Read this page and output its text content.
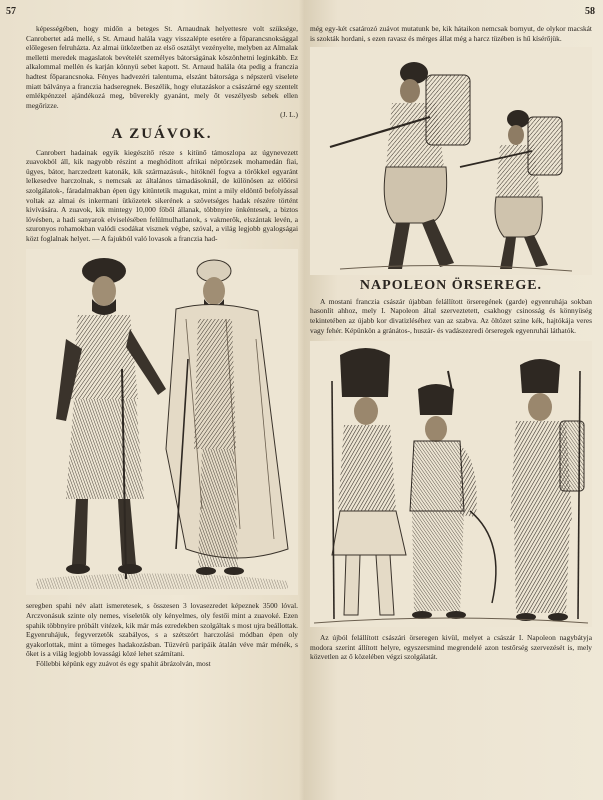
57	58

képességében, hogy midőn a beteges St. Arnaudnak helyettesre volt szüksége, Canrobertet adá mellé, s St. Arnaud halála vagy visszalépte esetére a főparancsnoksággal előlegesen felruházta. Az almai ütközetben az első osztályt vezényelte, melyben az Almalak melletti meredek magaslatok bevételét személyes bátorságának köszönhetni leginkább. Ez alkalommal mellén és karján könnyü sebet kapott. St. Arnaud halála óta pedig a franczia hadtest főparancsnoka. Fényes hadvezéri talentuma, elszánt bátorsága s népszerü viselete miatt bálványa a franczia hadseregnek. Beszélik, hogy elutazáskor a császárné egy szentelt emlékpénzzel ajándékozá meg, bűverekly gyanánt, mely őt veszélyesb sebek ellen megőrizze.

(J. L.)

A ZUÁVOK.

Canrobert hadainak egyik kiegészítő része s kitünő támoszlopa az úgynevezett zuavokból áll, kik nagyobb részint a meghódított afrikai néptörzsek mohamedán fiai, ügyes, bátor, harczedzett katonák, kik származásuk-, hitöknél fogva a törökkel egyaránt lelkesedve harczolnak, s nemcsak az általános támadásoknál, de különösen az előörsi szolgálatok-, fáradalmakban épen úgy kitüntetik magukat, mint a mily eldöntő befolyással voltak az almai és inkermani ütközetek sikerének a szövetséges hadak részére történt kivívására. A zuavok, kik mintegy 10,000 főből állanak, többnyire önkéntesek, a biztos lövésben, a hadi sanyarok elviselésében felülmulhatlanok, s vakmerők, elszántak levén, a szuronyos rohamokban valódi csodákat visznek végbe, szóval, a világ legjobb gyalogságai közt foglalnak helyet. — A fajukból való lovasok a franczia had-

seregben spahi név alatt ismeretesek, s összesen 3 lovasezredet képeznek 3500 lóval. Arczvonásuk szinte oly nemes, viseletök oly kényelmes, oly festői mint a zuavoké. Ezen spahik többnyire próbált vitézek, kik már más ezredekben szolgáltak s most ujra beállottak. Egyenruhájuk, fegyverzetök szabályos, s a szétszórt harczolási módban épen oly gyakorlottak, mint a tömeges hadakozásban. Tüzvérü paripáik átalán véve már ménék, s őket is a világ legjobb lovassági közé lehet számítani.

Föllebbi képünk egy zuávot és egy spahit ábrázolván, most

még egy-két csatározó zuávot mutatunk be, kik hátaikon nemcsak bornyut, de olykor macskát is szokták hordani, s ezen ravasz és mérges állat még a harcz tüzében is hű kísérőjük.

NAPOLEON ÖRSEREGE.

A mostani franczia császár újabban felállított örseregének (garde) egyenruhája sokban hasonlít ahhoz, mely I. Napoleon által szerveztetett, csakhogy csinosság és könnyüség tekintetében az újabb kor divatizléséhez van az szabva. Az öltözet szine kék, hajtókája veres vagy fehér. Képünkön a gránátos-, huszár- és vadászezredi örseregek egyenruhái láthatók.

Az újból felállított császári örseregen kivül, melyet a császár I. Napoleon nagybátyja modora szerint állított helyre, egyszersmind megrendelé azon testőrség szervezését is, mely közvetlen az ő közelében végzi szolgálatát.
